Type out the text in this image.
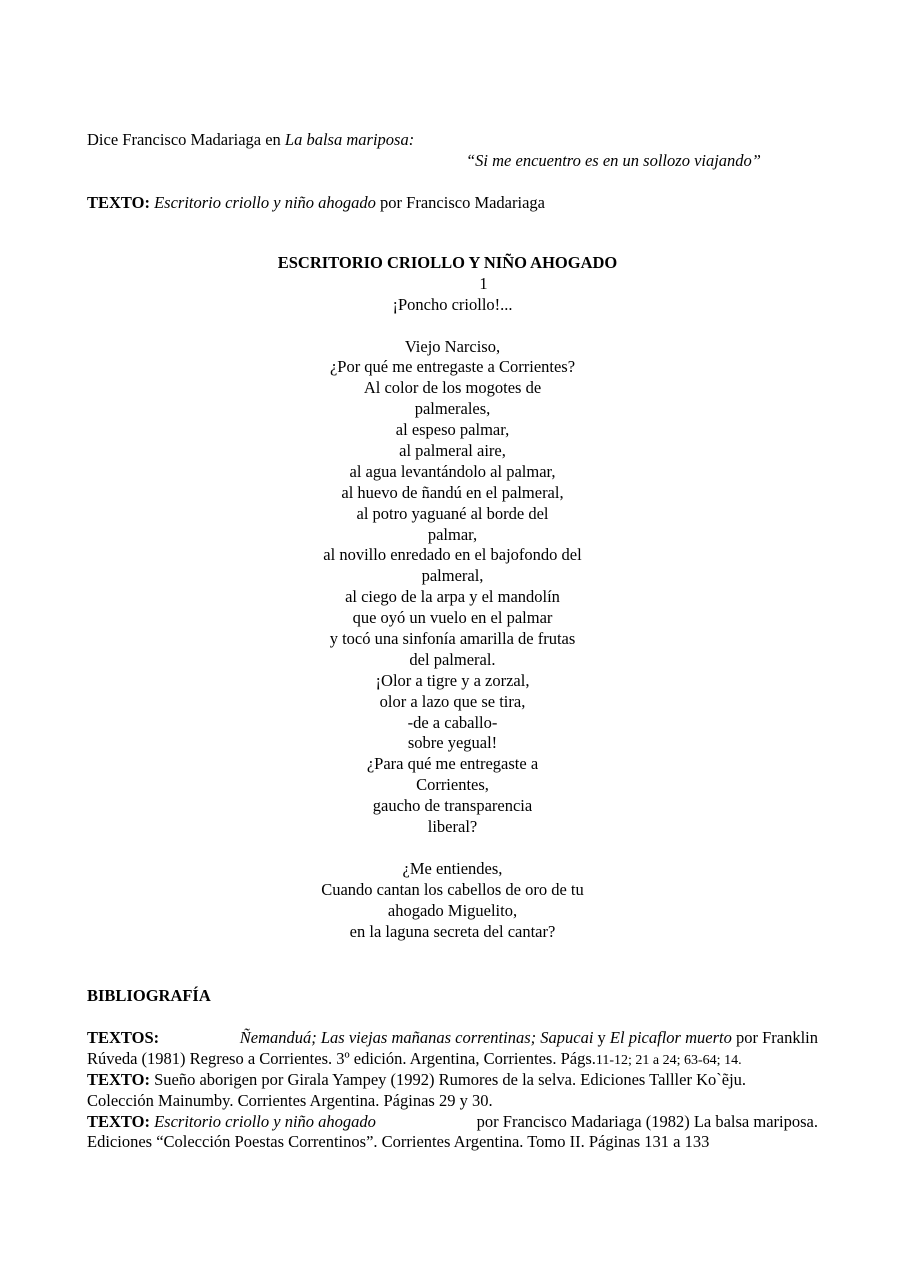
Dice Francisco Madariaga en La balsa mariposa:
“Si me encuentro es en un sollozo viajando”
TEXTO: Escritorio criollo y niño ahogado por Francisco Madariaga
ESCRITORIO CRIOLLO Y NIÑO AHOGADO
1
¡Poncho criollo!...
Viejo Narciso,
¿Por qué me entregaste a Corrientes?
Al color de los mogotes de
palmerales,
al espeso palmar,
al palmeral aire,
al agua levantándolo al palmar,
al huevo de ñandú en el palmeral,
al potro yaguané al borde del
palmar,
al novillo enredado en el bajofondo del
palmeral,
al ciego de la arpa y el mandolín
que oyó un vuelo en el palmar
y tocó una sinfonía amarilla de frutas
del palmeral.
¡Olor a tigre y a zorzal,
olor a lazo que se tira,
-de a caballo-
sobre yegual!
¿Para qué me entregaste a
Corrientes,
gaucho de transparencia
liberal?
¿Me entiendes,
Cuando cantan los cabellos de oro de tu
ahogado Miguelito,
en la laguna secreta del cantar?
BIBLIOGRAFÍA
TEXTOS:	Ñemanduá; Las viejas mañanas correntinas; Sapucai y El picaflor muerto por Franklin
Rúveda (1981) Regreso a Corrientes. 3º edición. Argentina, Corrientes. Págs.11-12; 21 a 24; 63-64; 14.
TEXTO: Sueño aborigen por Girala Yampey (1992) Rumores de la selva. Ediciones Talller Ko`ẽju.
Colección Mainumby. Corrientes Argentina. Páginas 29 y 30.
TEXTO: Escritorio criollo y niño ahogado	por Francisco Madariaga (1982) La balsa mariposa.
Ediciones “Colección Poestas Correntinos”. Corrientes Argentina. Tomo II. Páginas 131 a 133
